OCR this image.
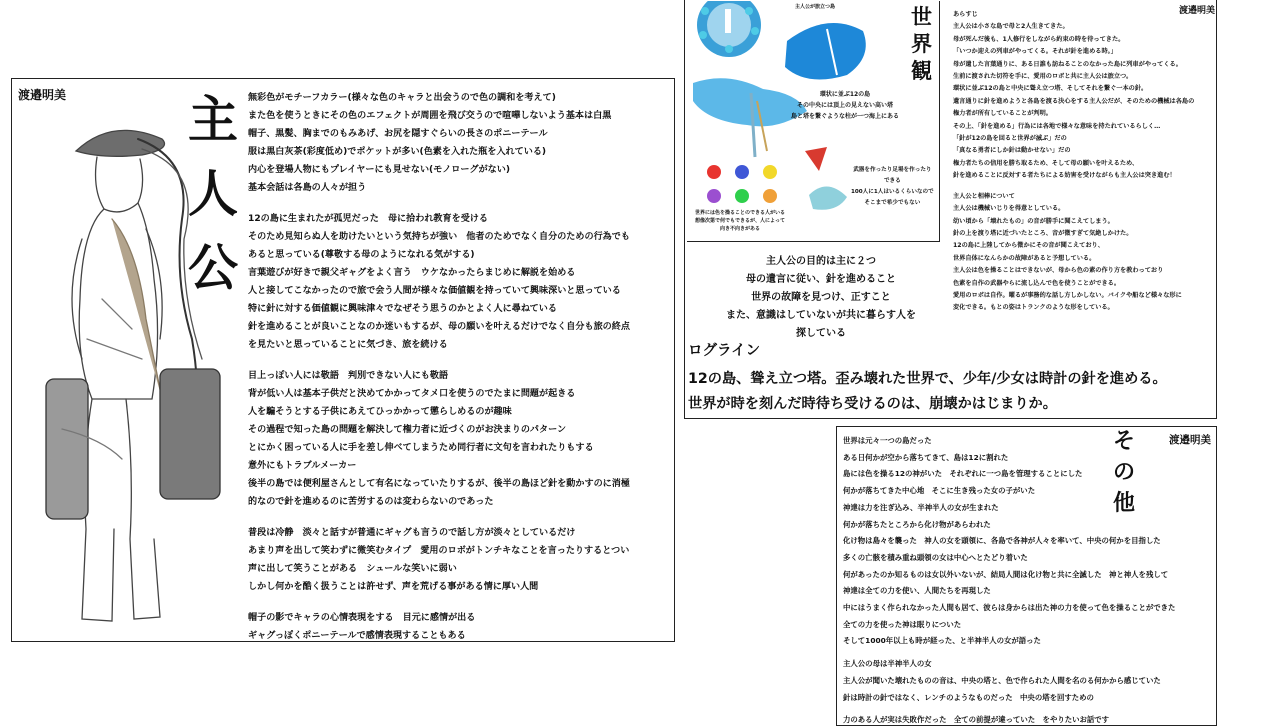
渡邉明美 主
人
公
無彩色がモチーフカラー(様々な色のキャラと出会うので色の調和を考えて)
また色を使うときにその色のエフェクトが周囲を飛び交うので喧嘩しないよう基本は白黒
帽子、黒髪、胸までのもみあげ、お尻を隠すぐらいの長さのポニーテール
服は黒白灰茶(彩度低め)でポケットが多い(色素を入れた瓶を入れている)
内心を登場人物にもプレイヤーにも見せない(モノローグがない)
基本会話は各島の人々が担う
12の島に生まれたが孤児だった　母に拾われ教育を受ける
そのため見知らぬ人を助けたいという気持ちが強い　他者のためでなく自分のための行為でも
あると思っている(尊敬する母のようになれる気がする)
言葉遊びが好きで親父ギャグをよく言う　ウケなかったらまじめに解説を始める
人と接してこなかったので旅で会う人間が様々な価値観を持っていて興味深いと思っている
特に針に対する価値観に興味津々でなぜそう思うのかとよく人に尋ねている
針を進めることが良いことなのか迷いもするが、母の願いを叶えるだけでなく自分も旅の終点
を見たいと思っていることに気づき、旅を続ける
目上っぽい人には敬語　判別できない人にも敬語
背が低い人は基本子供だと決めてかかってタメ口を使うのでたまに問題が起きる
人を騙そうとする子供にあえてひっかかって懲らしめるのが趣味
その過程で知った島の問題を解決して権力者に近づくのがお決まりのパターン
とにかく困っている人に手を差し伸べてしまうため同行者に文句を言われたりもする
意外にもトラブルメーカー
後半の島では便利屋さんとして有名になっていたりするが、後半の島ほど針を動かすのに消極
的なので針を進めるのに苦労するのは変わらないのであった
普段は冷静　淡々と話すが普通にギャグも言うので話し方が淡々としているだけ
あまり声を出して笑わずに微笑むタイプ　愛用のロボがトンチキなことを言ったりするとつい
声に出して笑うことがある　シュールな笑いに弱い
しかし何かを酷く扱うことは許せず、声を荒げる事がある情に厚い人間
帽子の影でキャラの心情表現をする　目元に感情が出る
ギャグっぽくポニーテールで感情表現することもある
主人公が旅立つ島
環状に並ぶ12の島
その中央には頂上の見えない高い塔
島と塔を繋ぐような柱が一つ海上にある
世界には色を操ることのできる人がいる
想像次第で何でもできるが、人によって
向き不向きがある
武器を作ったり足場を作ったり
できる
100人に1人はいるくらいなので
そこまで希少でもない
渡邉明美
世
界
観
あらすじ
主人公は小さな島で母と2人生きてきた。
母が死んだ後も、1人修行をしながら約束の時を待ってきた。
「いつか迎えの列車がやってくる。それが針を進める時。」
母が遺した言葉通りに、ある日誰も訪ねることのなかった島に列車がやってくる。
生前に渡された切符を手に、愛用のロボと共に主人公は旅立つ。
環状に並ぶ12の島と中央に聳え立つ塔、そしてそれを繋ぐ一本の針。
遺言通りに針を進めようと各島を渡る決心をする主人公だが、そのための機械は各島の
権力者が所有していることが判明。
その上、「針を進める」行為には各地で様々な意味を持たれているらしく…
「針が12の島を回ると世界が滅ぶ」だの
「真なる勇者にしか針は動かせない」だの
権力者たちの信用を勝ち取るため、そして母の願いを叶えるため、
針を進めることに反対する者たちによる妨害を受けながらも主人公は突き進む！
主人公と相棒について
主人公は機械いじりを得意としている。
幼い頃から「壊れたもの」の音が勝手に聞こえてしまう。
針の上を渡り塔に近づいたところ、音が微すぎて気絶しかけた。
12の島に上陸してから微かにその音が聞こえており、
世界自体になんらかの故障があると予想している。
主人公は色を操ることはできないが、母から色の素の作り方を教わっており
色素を自作の武器やらに流し込んで色を使うことができる。
愛用のロボは自作。曜るが事務的な話し方しかしない。バイクや船など様々な形に
変化できる。もとの姿はトランクのような形をしている。
主人公の目的は主に２つ
母の遺言に従い、針を進めること
世界の故障を見つけ、正すこと
また、意識はしていないが共に暮らす人を
探している
ログライン
12の島、聳え立つ塔。歪み壊れた世界で、少年/少女は時計の針を進める。
世界が時を刻んだ時待ち受けるのは、崩壊かはじまりか。
渡邉明美
そ
の
他
世界は元々一つの島だった
ある日何かが空から落ちてきて、島は12に割れた
島には色を操る12の神がいた　それぞれに一つ島を管理することにした
何かが落ちてきた中心地　そこに生き残った女の子がいた
神達は力を注ぎ込み、半神半人の女が生まれた
何かが落ちたところから化け物があらわれた
化け物は島々を襲った　神人の女を頭領に、各島で各神が人々を率いて、中央の何かを目指した
多くの亡骸を積み重ね頭領の女は中心へとたどり着いた
何があったのか知るものは女以外いないが、結局人間は化け物と共に全滅した　神と神人を残して
神達は全ての力を使い、人間たちを再現した
中にはうまく作られなかった人間も居て、彼らは身からは出た神の力を使って色を操ることができた
全ての力を使った神は眠りについた
そして1000年以上も時が経った、と半神半人の女が語った
主人公の母は半神半人の女
主人公が聞いた壊れたものの音は、中央の塔と、色で作られた人間を名のる何かから感じていた
針は時計の針ではなく、レンチのようなものだった　中央の塔を回すための
力のある人が実は失敗作だった　全ての前提が違っていた　をやりたいお話です
